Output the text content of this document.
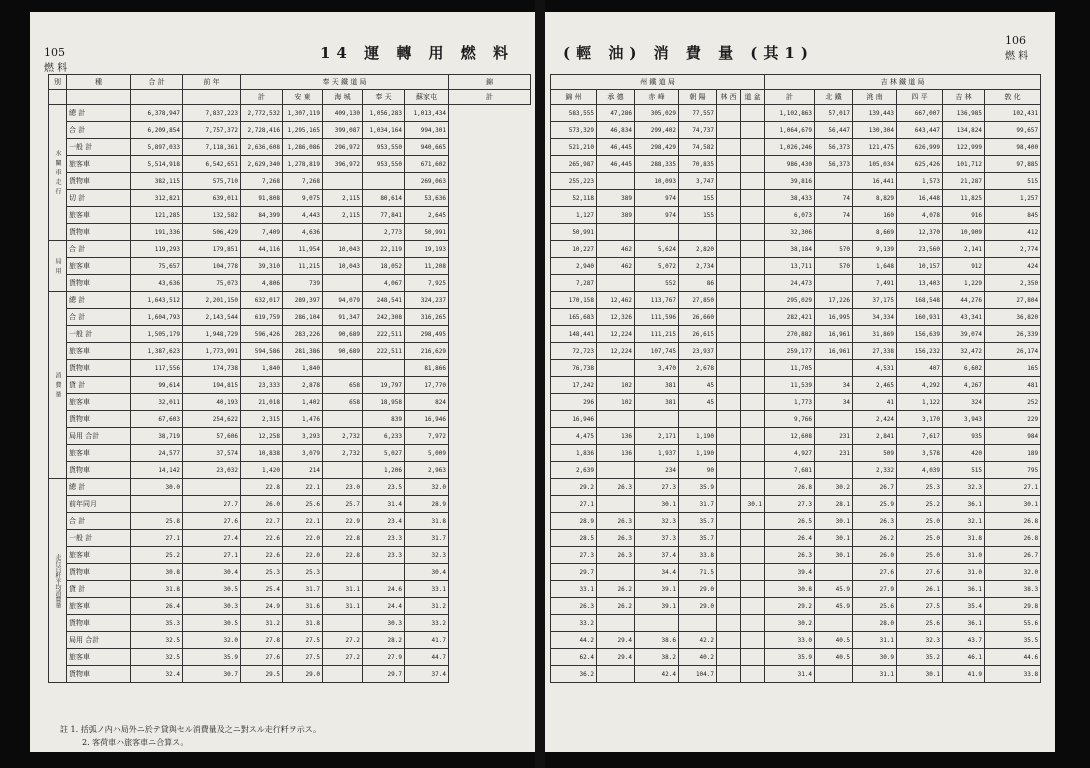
105
燃 料
14 運 轉 用 燃 料
別	種	合 計	前 年	奉 天 鐵 道 局					錦
				計	安 東	海 城	奉 天	蘇家屯	計
水 關 車 走 行	總 計	6,378,947	7,837,223	2,772,532	1,307,119	409,130	1,056,283	1,013,434	
	合 計	6,209,854	7,757,372	2,728,416	1,295,165	399,087	1,034,164	994,301	
	一般 計	5,897,033	7,118,361	2,636,608	1,286,086	296,972	953,550	940,665	
	旅客車	5,514,918	6,542,651	2,629,340	1,278,819	396,972	953,550	671,602	
	貨物車	382,115	575,710	7,268	7,268			269,063	
	切 計	312,821	639,011	91,808	9,075	2,115	80,614	53,636	
	旅客車	121,285	132,582	84,399	4,443	2,115	77,841	2,645	
	貨物車	191,336	506,429	7,409	4,636		2,773	50,991	
局 用	合 計	119,293	179,851	44,116	11,954	10,043	22,119	19,193	
	旅客車	75,657	104,778	39,310	11,215	10,043	18,052	11,208	
	貨物車	43,636	75,073	4,806	739		4,067	7,925	
消 費 量	總 計	1,643,512	2,201,150	632,017	289,397	94,079	248,541	324,237	
	合 計	1,604,793	2,143,544	619,759	286,104	91,347	242,308	316,265	
	一般 計	1,505,179	1,948,729	596,426	283,226	90,689	222,511	298,495	
	旅客車	1,387,623	1,773,991	594,586	281,386	90,689	222,511	216,629	
	貨物車	117,556	174,738	1,840	1,840			81,866	
	貸 計	99,614	194,815	23,333	2,878	658	19,797	17,770	
	旅客車	32,011	40,193	21,018	1,402	658	18,958	824	
	貨物車	67,603	254,622	2,315	1,476		839	16,946	
	局用 合計	38,719	57,606	12,258	3,293	2,732	6,233	7,972	
	旅客車	24,577	37,574	10,838	3,079	2,732	5,027	5,009	
	貨物車	14,142	23,032	1,420	214		1,206	2,963	
走行百粁平均消費量	總 計	30.0		22.8	22.1	23.0	23.5	32.0	
	前年同月		27.7	26.0	25.6	25.7	31.4	28.9	
	合 計	25.8	27.6	22.7	22.1	22.9	23.4	31.8	
	一般 計	27.1	27.4	22.6	22.0	22.8	23.3	31.7	
	旅客車	25.2	27.1	22.6	22.0	22.8	23.3	32.3	
	貨物車	30.8	30.4	25.3	25.3			30.4	
	貸 計	31.8	30.5	25.4	31.7	31.1	24.6	33.1	
	旅客車	26.4	30.3	24.9	31.6	31.1	24.4	31.2	
	貨物車	35.3	30.5	31.2	31.8		30.3	33.2	
	局用 合計	32.5	32.0	27.8	27.5	27.2	28.2	41.7	
	旅客車	32.5	35.9	27.6	27.5	27.2	27.9	44.7	
	貨物車	32.4	30.7	29.5	29.0		29.7	37.4	
註 1. 括弧ノ内ハ局外ニ於テ貸與セル消費量及之ニ對スル走行粁ヲ示ス。
2. 客荷車ハ旅客車ニ合算ス。
106
燃 料
(輕 油) 消 費 量 (其1)
州 鐵 道 局						吉 林 鐵 道 局						
錦 州	承 德	赤 峰	朝 陽	林 西	道 盆	計	北 鐵	洮 南	四 平	吉 林	敦 化	
583,555	47,286	305,029	77,557			1,102,863	57,017	139,443	667,007	136,985	102,431	
573,329	46,834	299,402	74,737			1,064,679	56,447	130,304	643,447	134,824	99,657	
521,210	46,445	298,429	74,582			1,026,246	56,373	121,475	626,999	122,999	98,400	
265,987	46,445	288,335	70,835			986,430	56,373	105,034	625,426	101,712	97,885	
255,223		10,093	3,747			39,816		16,441	1,573	21,287	515	
52,118	389	974	155			38,433	74	8,829	16,448	11,825	1,257	
1,127	389	974	155			6,073	74	160	4,078	916	845	
50,991						32,306		8,669	12,370	10,909	412	
10,227	462	5,624	2,820			38,184	570	9,139	23,560	2,141	2,774	
2,940	462	5,072	2,734			13,711	570	1,648	10,157	912	424	
7,287		552	86			24,473		7,491	13,403	1,229	2,350	
170,158	12,462	113,767	27,850			295,029	17,226	37,175	168,548	44,276	27,804	
165,683	12,326	111,596	26,660			282,421	16,995	34,334	160,931	43,341	36,820	
148,441	12,224	111,215	26,615			270,882	16,961	31,869	156,639	39,074	26,339	
72,723	12,224	107,745	23,937			259,177	16,961	27,338	156,232	32,472	26,174	
76,738		3,470	2,678			11,705		4,531	407	6,602	165	
17,242	102	381	45			11,539	34	2,465	4,292	4,267	481	
296	102	381	45			1,773	34	41	1,122	324	252	
16,946						9,766		2,424	3,170	3,943	229	
4,475	136	2,171	1,190			12,608	231	2,841	7,617	935	984	
1,836	136	1,937	1,190			4,927	231	509	3,578	420	189	
2,639		234	90			7,681		2,332	4,039	515	795	
29.2	26.3	27.3	35.9			26.8	30.2	26.7	25.3	32.3	27.1	
27.1		30.1	31.7		30.1	27.3	28.1	25.9	25.2	36.1	30.1	
28.9	26.3	32.3	35.7			26.5	30.1	26.3	25.0	32.1	26.8	
28.5	26.3	37.3	35.7			26.4	30.1	26.2	25.0	31.8	26.8	
27.3	26.3	37.4	33.8			26.3	30.1	26.0	25.0	31.0	26.7	
29.7		34.4	71.5			39.4		27.6	27.6	31.0	32.0	
33.1	26.2	39.1	29.0			30.8	45.9	27.9	26.1	36.1	38.3	
26.3	26.2	39.1	29.0			29.2	45.9	25.6	27.5	35.4	29.8	
33.2						30.2		28.0	25.6	36.1	55.6	
44.2	29.4	38.6	42.2			33.0	40.5	31.1	32.3	43.7	35.5	
62.4	29.4	38.2	40.2			35.9	40.5	30.9	35.2	46.1	44.6	
36.2		42.4	104.7			31.4		31.1	30.1	41.9	33.8	
